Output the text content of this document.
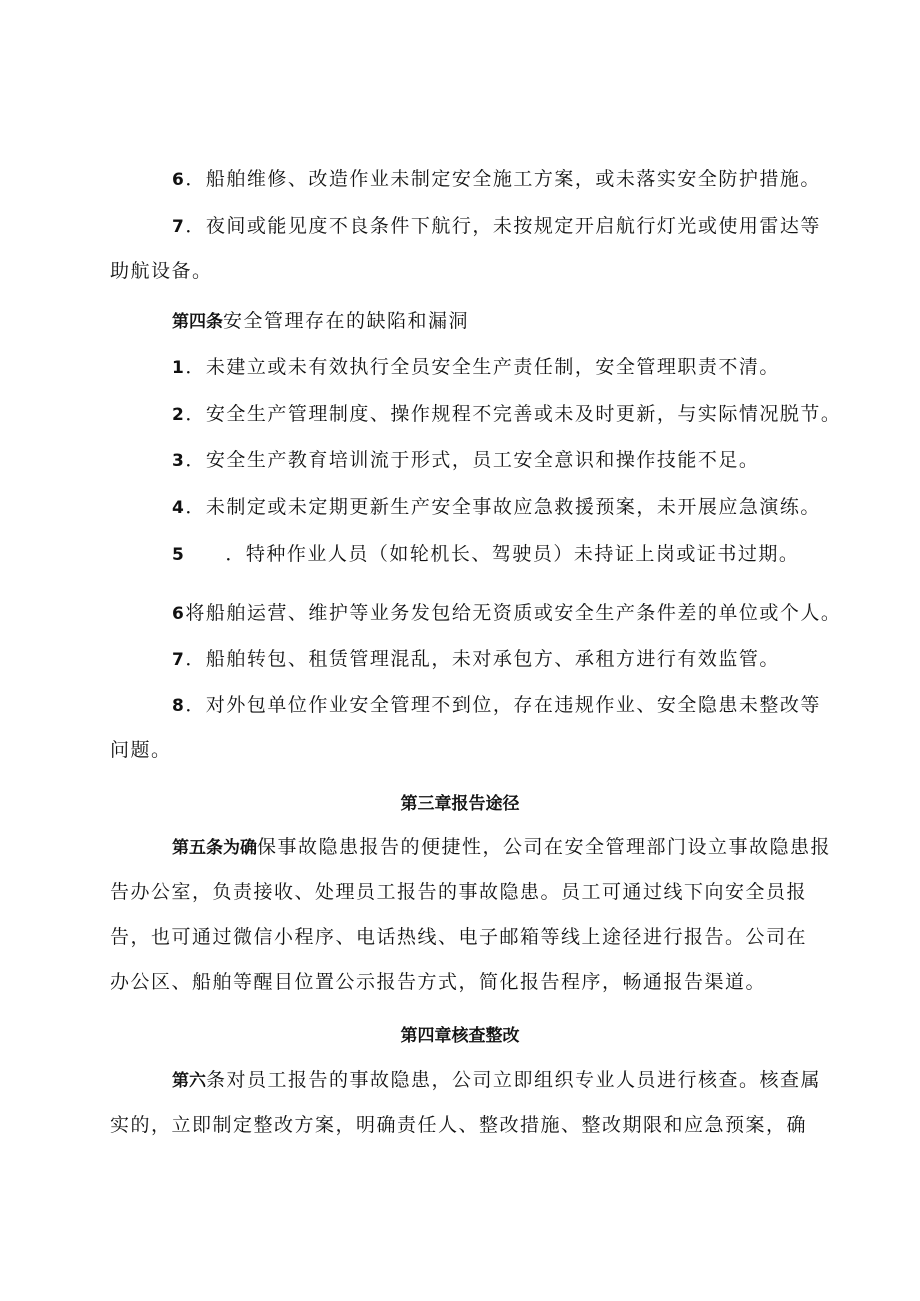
6．船舶维修、改造作业未制定安全施工方案，或未落实安全防护措施。
7．夜间或能见度不良条件下航行，未按规定开启航行灯光或使用雷达等
助航设备。
第四条安全管理存在的缺陷和漏洞
1．未建立或未有效执行全员安全生产责任制，安全管理职责不清。
2．安全生产管理制度、操作规程不完善或未及时更新，与实际情况脱节。
3．安全生产教育培训流于形式，员工安全意识和操作技能不足。
4．未制定或未定期更新生产安全事故应急救援预案，未开展应急演练。
5 ．特种作业人员（如轮机长、驾驶员）未持证上岗或证书过期。
6将船舶运营、维护等业务发包给无资质或安全生产条件差的单位或个人。
7．船舶转包、租赁管理混乱，未对承包方、承租方进行有效监管。
8．对外包单位作业安全管理不到位，存在违规作业、安全隐患未整改等
问题。
第三章报告途径
第五条为确保事故隐患报告的便捷性，公司在安全管理部门设立事故隐患报
告办公室，负责接收、处理员工报告的事故隐患。员工可通过线下向安全员报
告，也可通过微信小程序、电话热线、电子邮箱等线上途径进行报告。公司在
办公区、船舶等醒目位置公示报告方式，简化报告程序，畅通报告渠道。
第四章核查整改
第六条对员工报告的事故隐患，公司立即组织专业人员进行核查。核查属
实的，立即制定整改方案，明确责任人、整改措施、整改期限和应急预案，确
